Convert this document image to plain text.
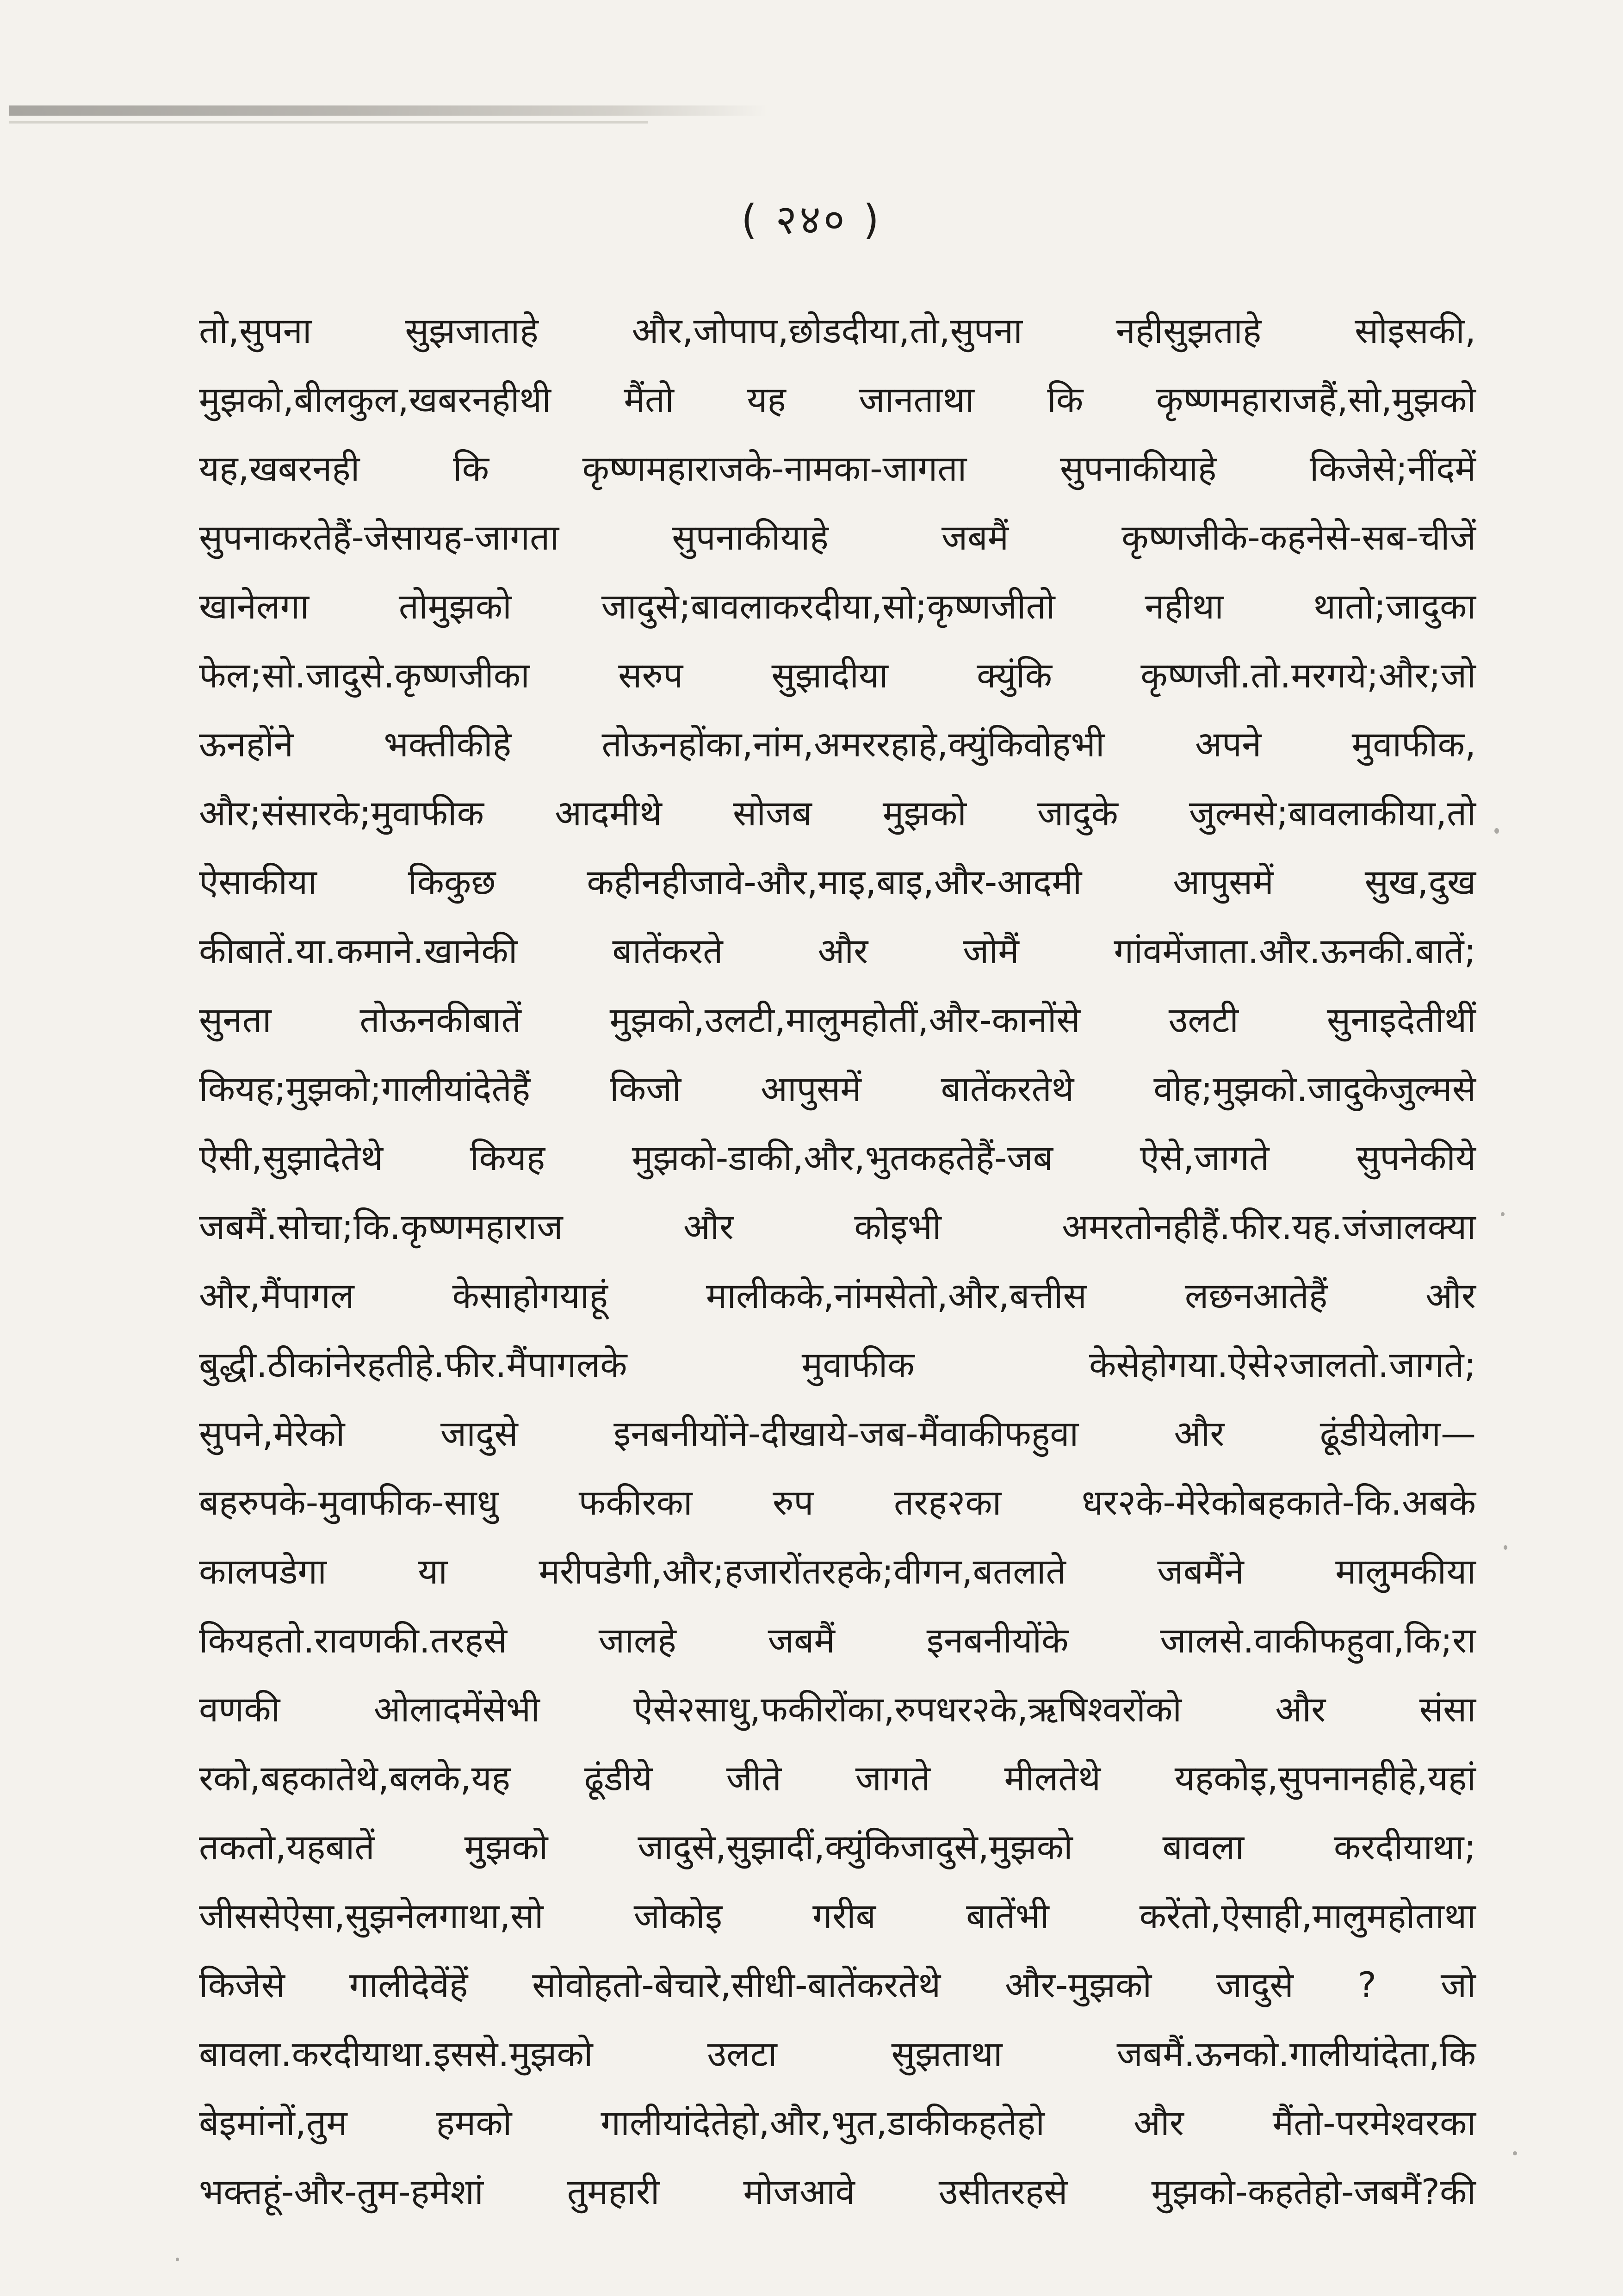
( २४० )
तो,सुपना सुझजाताहे और,जोपाप,छोडदीया,तो,सुपना नहीसुझताहे सोइसकी,
मुझको,बीलकुल,खबरनहीथी मैंतो यह जानताथा कि कृष्णमहाराजहैं,सो,मुझको
यह,खबरनही कि कृष्णमहाराजके-नामका-जागता सुपनाकीयाहे किजेसे;नींदमें
सुपनाकरतेहैं-जेसायह-जागता सुपनाकीयाहे जबमैं कृष्णजीके-कहनेसे-सब-चीजें
खानेलगा तोमुझको जादुसे;बावलाकरदीया,सो;कृष्णजीतो नहीथा थातो;जादुका
फेल;सो.जादुसे.कृष्णजीका सरुप सुझादीया क्युंकि कृष्णजी.तो.मरगये;और;जो
ऊनहोंने भक्तीकीहे तोऊनहोंका,नांम,अमररहाहे,क्युंकिवोहभी अपने मुवाफीक,
और;संसारके;मुवाफीक आदमीथे सोजब मुझको जादुके जुल्मसे;बावलाकीया,तो
ऐसाकीया किकुछ कहीनहीजावे-और,माइ,बाइ,और-आदमी आपुसमें सुख,दुख
कीबातें.या.कमाने.खानेकी बातेंकरते और जोमैं गांवमेंजाता.और.ऊनकी.बातें;
सुनता तोऊनकीबातें मुझको,उलटी,मालुमहोतीं,और-कानोंसे उलटी सुनाइदेतीथीं
कियह;मुझको;गालीयांदेतेहैं किजो आपुसमें बातेंकरतेथे वोह;मुझको.जादुकेजुल्मसे
ऐसी,सुझादेतेथे कियह मुझको-डाकी,और,भुतकहतेहैं-जब ऐसे,जागते सुपनेकीये
जबमैं.सोचा;कि.कृष्णमहाराज और कोइभी अमरतोनहीहैं.फीर.यह.जंजालक्या
और,मैंपागल केसाहोगयाहूं मालीकके,नांमसेतो,और,बत्तीस लछनआतेहैं और
बुद्धी.ठीकांनेरहतीहे.फीर.मैंपागलके मुवाफीक केसेहोगया.ऐसे२जालतो.जागते;
सुपने,मेरेको जादुसे इनबनीयोंने-दीखाये-जब-मैंवाकीफहुवा और ढूंडीयेलोग—
बहरुपके-मुवाफीक-साधु फकीरका रुप तरह२का धर२के-मेरेकोबहकाते-कि.अबके
कालपडेगा या मरीपडेगी,और;हजारोंतरहके;वीगन,बतलाते जबमैंने मालुमकीया
कियहतो.रावणकी.तरहसे जालहे जबमैं इनबनीयोंके जालसे.वाकीफहुवा,कि;रा
वणकी ओलादमेंसेभी ऐसे२साधु,फकीरोंका,रुपधर२के,ऋषिश्वरोंको और संसा
रको,बहकातेथे,बलके,यह ढूंडीये जीते जागते मीलतेथे यहकोइ,सुपनानहीहे,यहां
तकतो,यहबातें मुझको जादुसे,सुझादीं,क्युंकिजादुसे,मुझको बावला करदीयाथा;
जीससेऐसा,सुझनेलगाथा,सो जोकोइ गरीब बातेंभी करेंतो,ऐसाही,मालुमहोताथा
किजेसे गालीदेवेंहें सोवोहतो-बेचारे,सीधी-बातेंकरतेथे और-मुझको जादुसे ? जो
बावला.करदीयाथा.इससे.मुझको उलटा सुझताथा जबमैं.ऊनको.गालीयांदेता,कि
बेइमांनों,तुम हमको गालीयांदेतेहो,और,भुत,डाकीकहतेहो और मैंतो-परमेश्वरका
भक्तहूं-और-तुम-हमेशां तुमहारी मोजआवे उसीतरहसे मुझको-कहतेहो-जबमैं?की
